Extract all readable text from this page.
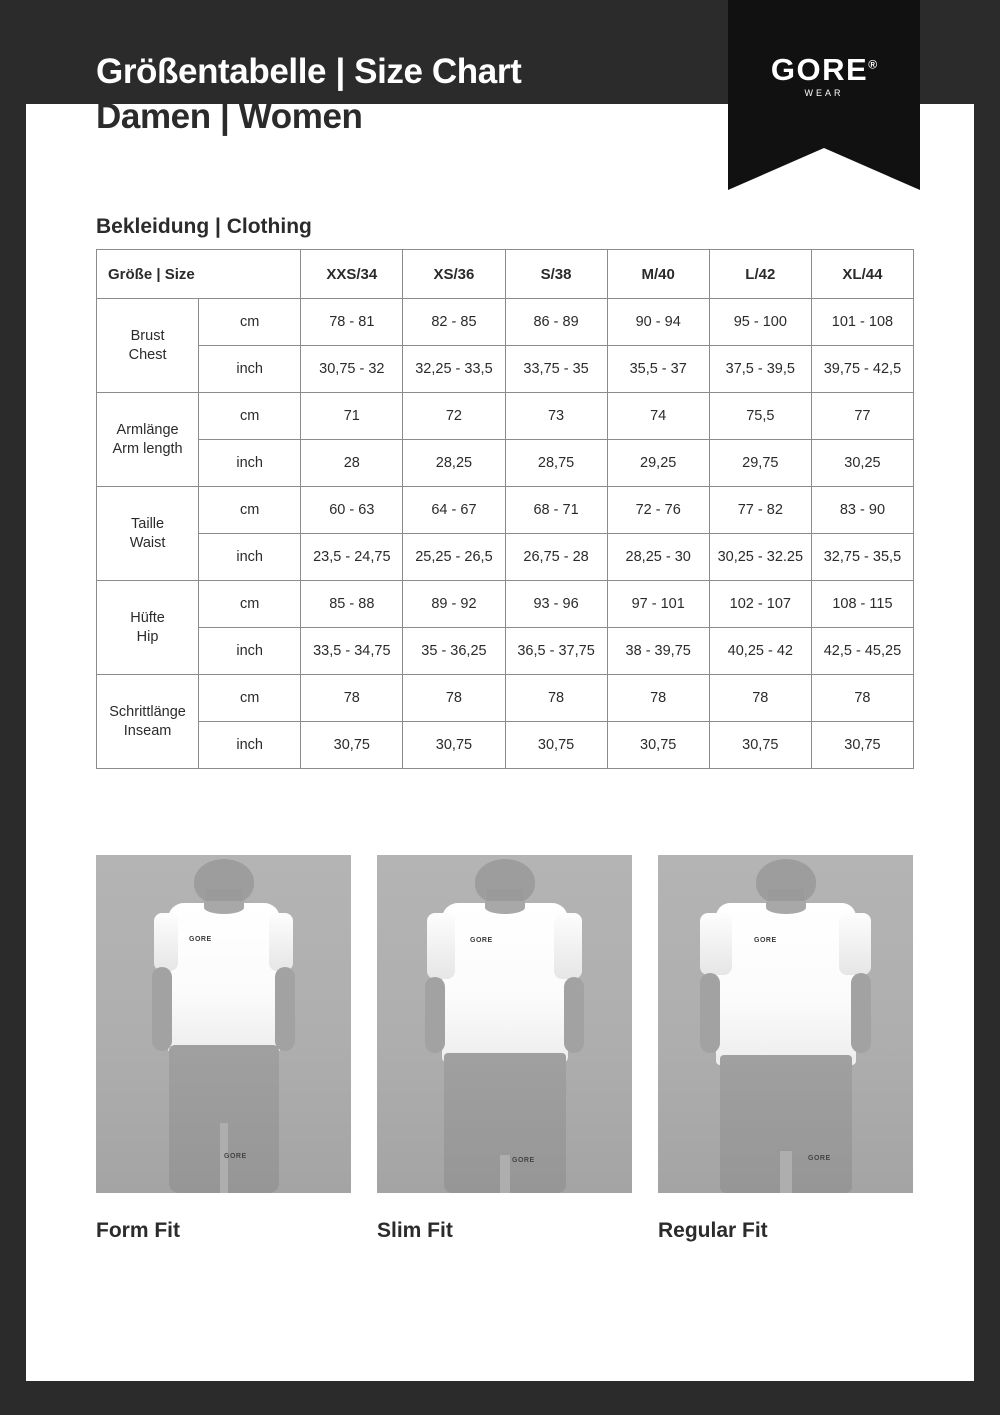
Größentabelle | Size Chart
Damen | Women
GORE®
WEAR
Bekleidung | Clothing
Größe | Size		XXS/34	XS/36	S/38	M/40	L/42	XL/44

Brust
Chest	cm	78 - 81	82 - 85	86 - 89	90 - 94	95 - 100	101 - 108
	inch	30,75 - 32	32,25 - 33,5	33,75 - 35	35,5 - 37	37,5 - 39,5	39,75 - 42,5

Armlänge
Arm length	cm	71	72	73	74	75,5	77
	inch	28	28,25	28,75	29,25	29,75	30,25

Taille
Waist	cm	60 - 63	64 - 67	68 - 71	72 - 76	77 - 82	83 - 90
	inch	23,5 - 24,75	25,25 - 26,5	26,75 - 28	28,25 - 30	30,25 - 32.25	32,75 - 35,5

Hüfte
Hip	cm	85 - 88	89 - 92	93 - 96	97 - 101	102 - 107	108 - 115
	inch	33,5 - 34,75	35 - 36,25	36,5 - 37,75	38 - 39,75	40,25 - 42	42,5 - 45,25

Schrittlänge
Inseam	cm	78	78	78	78	78	78
	inch	30,75	30,75	30,75	30,75	30,75	30,75
GORE
GORE
Form Fit
GORE
GORE
Slim Fit
GORE
GORE
Regular Fit
